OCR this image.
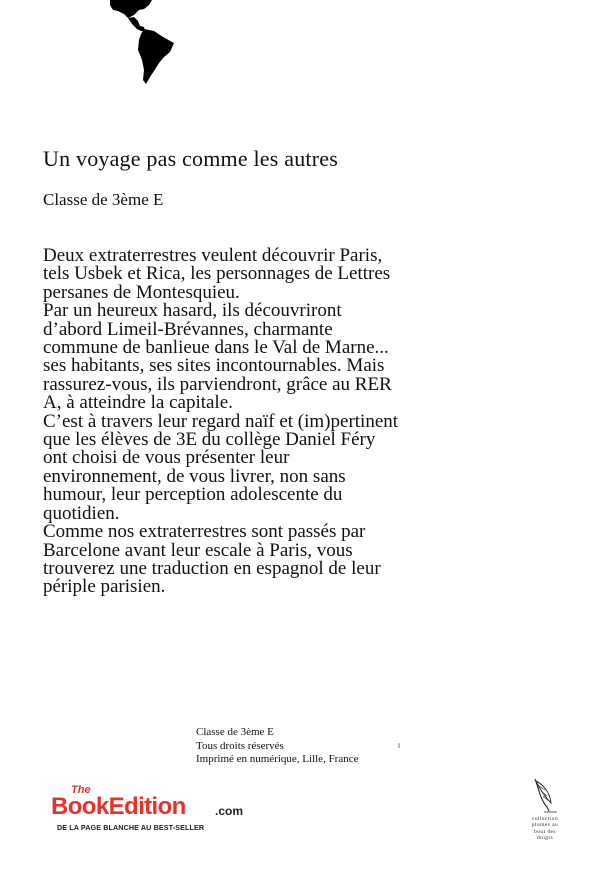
Un voyage pas comme les autres
Classe de 3ème E

Deux extraterrestres veulent découvrir Paris,
tels Usbek et Rica, les personnages de Lettres
persanes de Montesquieu.
Par un heureux hasard, ils découvriront
d’abord Limeil-Brévannes, charmante
commune de banlieue dans le Val de Marne...
ses habitants, ses sites incontournables. Mais
rassurez-vous, ils parviendront, grâce au RER
A, à atteindre la capitale.
C’est à travers leur regard naïf et (im)pertinent
que les élèves de 3E du collège Daniel Féry
ont choisi de vous présenter leur
environnement, de vous livrer, non sans
humour, leur perception adolescente du
quotidien.
Comme nos extraterrestres sont passés par
Barcelone avant leur escale à Paris, vous
trouverez une traduction en espagnol de leur
périple parisien.

Classe de 3ème E
Tous droits réservés
Imprimé en numérique, Lille, France
The
BookEdition .com
DE LA PAGE BLANCHE AU BEST-SELLER
collection
plumes au
bout des
doigts
